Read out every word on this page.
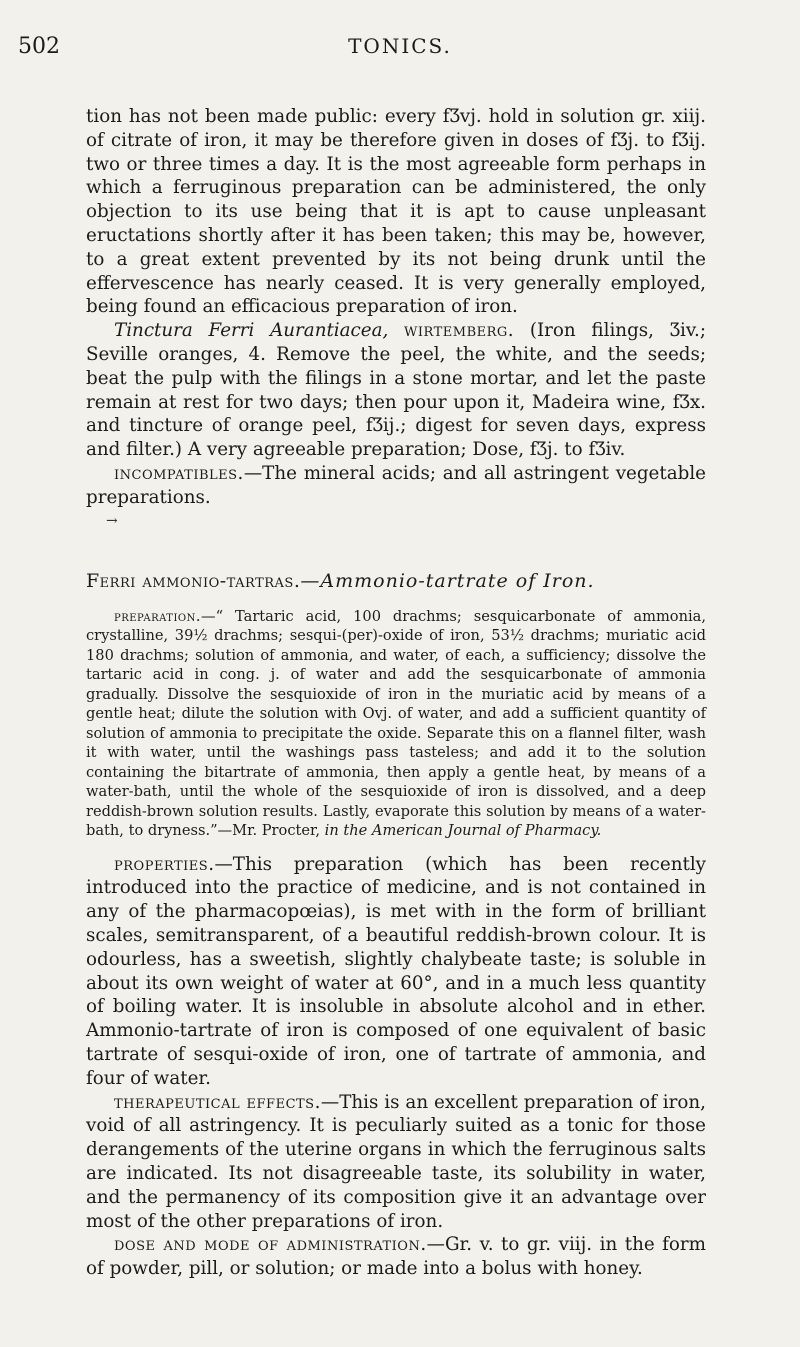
502	TONICS.

tion has not been made public: every fƷvj. hold in solution gr. xiij. of citrate of iron, it may be therefore given in doses of fƷj. to fƷij. two or three times a day. It is the most agreeable form perhaps in which a ferruginous preparation can be administered, the only objection to its use being that it is apt to cause unpleasant eructations shortly after it has been taken; this may be, however, to a great extent prevented by its not being drunk until the effervescence has nearly ceased. It is very generally employed, being found an efficacious preparation of iron.

Tinctura Ferri Aurantiacea, wirtemberg. (Iron filings, Ʒiv.; Seville oranges, 4. Remove the peel, the white, and the seeds; beat the pulp with the filings in a stone mortar, and let the paste remain at rest for two days; then pour upon it, Madeira wine, fƷx. and tincture of orange peel, fƷij.; digest for seven days, express and filter.) A very agreeable preparation; Dose, fƷj. to fƷiv.

incompatibles.—The mineral acids; and all astringent vegetable preparations.

→
Ferri ammonio-tartras.—Ammonio-tartrate of Iron.

preparation.—“ Tartaric acid, 100 drachms; sesquicarbonate of ammonia, crystalline, 39½ drachms; sesqui-(per)-oxide of iron, 53½ drachms; muriatic acid 180 drachms; solution of ammonia, and water, of each, a sufficiency; dissolve the tartaric acid in cong. j. of water and add the sesquicarbonate of ammonia gradually. Dissolve the sesquioxide of iron in the muriatic acid by means of a gentle heat; dilute the solution with Ovj. of water, and add a sufficient quantity of solution of ammonia to precipitate the oxide. Separate this on a flannel filter, wash it with water, until the washings pass tasteless; and add it to the solution containing the bitartrate of ammonia, then apply a gentle heat, by means of a water-bath, until the whole of the sesquioxide of iron is dissolved, and a deep reddish-brown solution results. Lastly, evaporate this solution by means of a water-bath, to dryness.”—Mr. Procter, in the American Journal of Pharmacy.

properties.—This preparation (which has been recently introduced into the practice of medicine, and is not contained in any of the pharmacopœias), is met with in the form of brilliant scales, semitransparent, of a beautiful reddish-brown colour. It is odourless, has a sweetish, slightly chalybeate taste; is soluble in about its own weight of water at 60°, and in a much less quantity of boiling water. It is insoluble in absolute alcohol and in ether. Ammonio-tartrate of iron is composed of one equivalent of basic tartrate of sesqui-oxide of iron, one of tartrate of ammonia, and four of water.

therapeutical effects.—This is an excellent preparation of iron, void of all astringency. It is peculiarly suited as a tonic for those derangements of the uterine organs in which the ferruginous salts are indicated. Its not disagreeable taste, its solubility in water, and the permanency of its composition give it an advantage over most of the other preparations of iron.

dose and mode of administration.—Gr. v. to gr. viij. in the form of powder, pill, or solution; or made into a bolus with honey.
